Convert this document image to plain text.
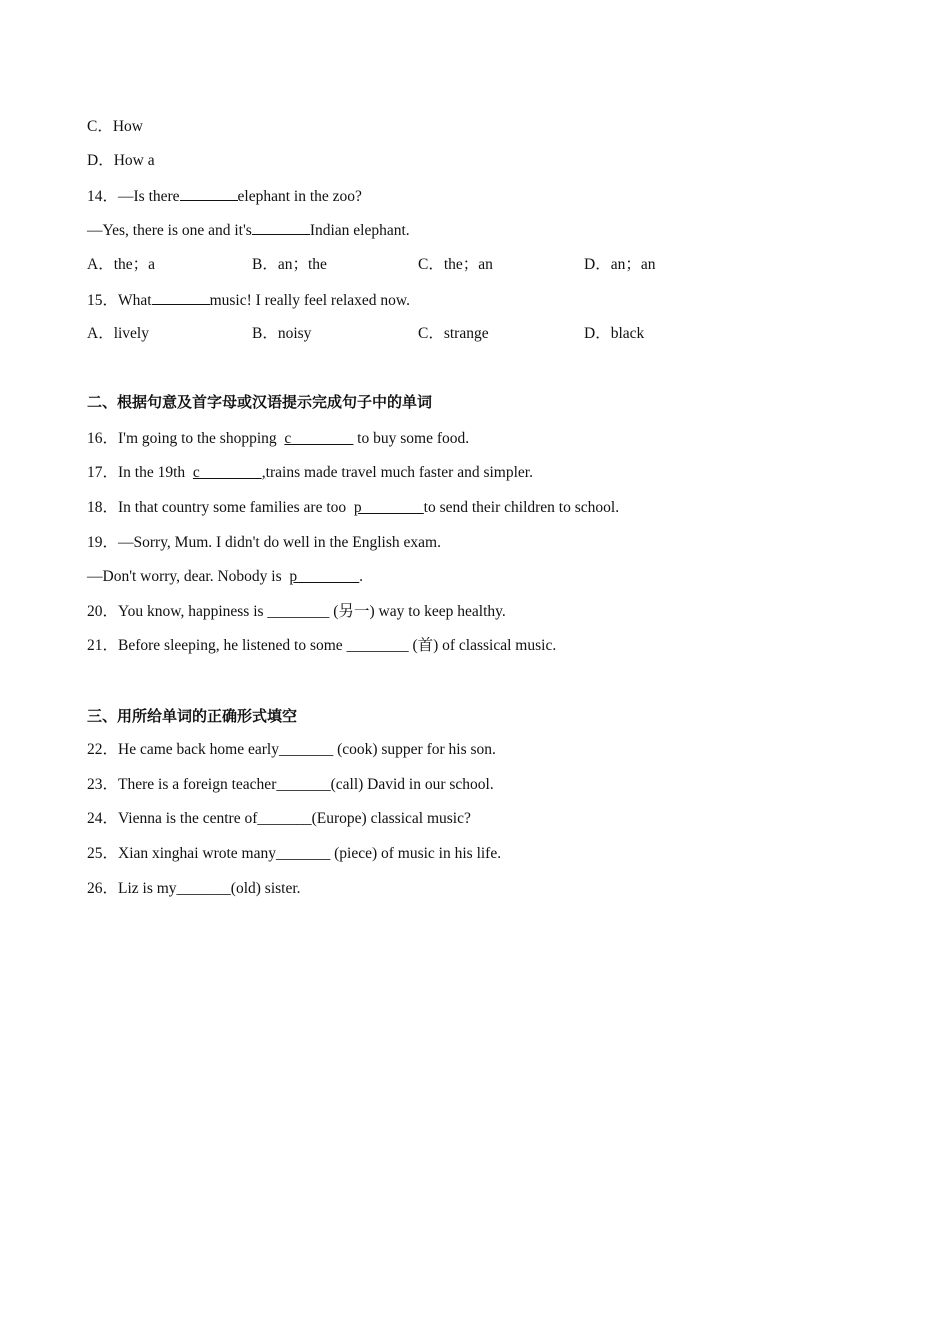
C．How
D．How a
14．—Is there	elephant in the zoo?
—Yes, there is one and it's	Indian elephant.
A．the；a	B．an；the	C．the；an	D．an；an
15．What	music! I really feel relaxed now.
A．lively	B．noisy	C．strange	D．black
二、根据句意及首字母或汉语提示完成句子中的单词
16．I'm going to the shopping  c________ to buy some food.
17．In the 19th  c________,trains made travel much faster and simpler.
18．In that country some families are too  p________to send their children to school.
19．—Sorry, Mum. I didn't do well in the English exam.
—Don't worry, dear. Nobody is  p________.
20．You know, happiness is ________ (另一) way to keep healthy.
21．Before sleeping, he listened to some ________ (首) of classical music.
三、用所给单词的正确形式填空
22．He came back home early_______ (cook) supper for his son.
23．There is a foreign teacher_______(call) David in our school.
24．Vienna is the centre of_______(Europe) classical music?
25．Xian xinghai wrote many_______ (piece) of music in his life.
26．Liz is my_______(old) sister.
